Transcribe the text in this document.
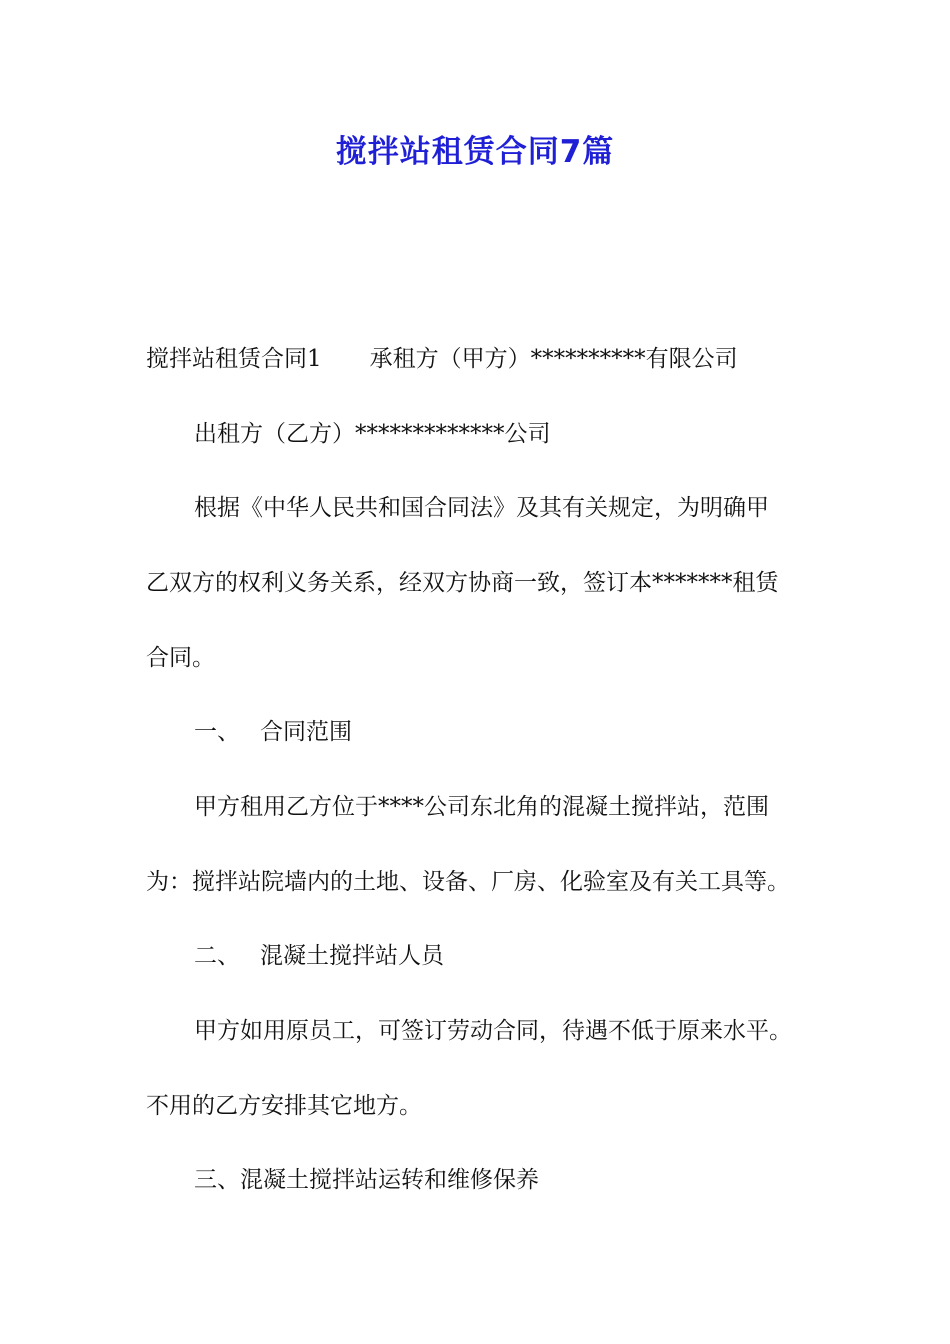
搅拌站租赁合同7篇

搅拌站租赁合同1 承租方（甲方）**********有限公司

出租方（乙方）*************公司

根据《中华人民共和国合同法》及其有关规定，为明确甲

乙双方的权利义务关系，经双方协商一致，签订本*******租赁

合同。

一、 合同范围

甲方租用乙方位于****公司东北角的混凝土搅拌站，范围

为：搅拌站院墙内的土地、设备、厂房、化验室及有关工具等。

二、 混凝土搅拌站人员

甲方如用原员工，可签订劳动合同，待遇不低于原来水平。

不用的乙方安排其它地方。

三、混凝土搅拌站运转和维修保养
